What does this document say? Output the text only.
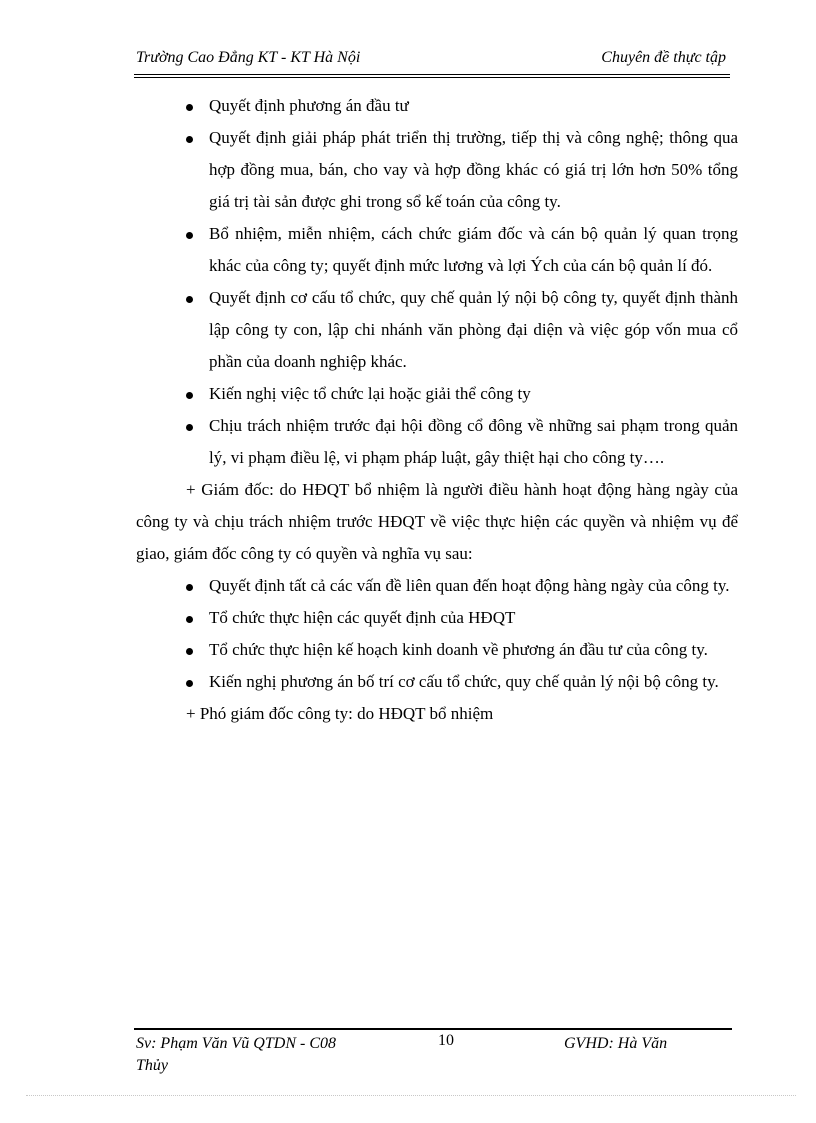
Trường Cao Đẳng KT - KT Hà Nội	Chuyên đề thực tập
Quyết định phương án đầu tư
Quyết định giải pháp phát triển thị trường, tiếp thị và công nghệ; thông qua hợp đồng mua, bán, cho vay và hợp đồng khác có giá trị lớn hơn 50% tổng giá trị tài sản được ghi trong sổ kế toán của công ty.
Bổ nhiệm, miễn nhiệm, cách chức giám đốc và cán bộ quản lý quan trọng khác của công ty; quyết định mức lương và lợi Ých của cán bộ quản lí đó.
Quyết định cơ cấu tổ chức, quy chế quản lý nội bộ công ty, quyết định thành lập công ty con, lập chi nhánh văn phòng đại diện và việc góp vốn mua cổ phần của doanh nghiệp khác.
Kiến nghị việc tổ chức lại hoặc giải thể công ty
Chịu trách nhiệm trước đại hội đồng cổ đông về những sai phạm trong quản lý, vi phạm điều lệ, vi phạm pháp luật, gây thiệt hại cho công ty….

+ Giám đốc: do HĐQT bổ nhiệm là người điều hành hoạt động hàng ngày của công ty và chịu trách nhiệm trước HĐQT về việc thực hiện các quyền và nhiệm vụ để giao, giám đốc công ty có quyền và nghĩa vụ sau:

Quyết định tất cả các vấn đề liên quan đến hoạt động hàng ngày của công ty.
Tổ chức thực hiện các quyết định của HĐQT
Tổ chức thực hiện kế hoạch kinh doanh về phương án đầu tư của công ty.
Kiến nghị phương án bố trí cơ cấu tổ chức, quy chế quản lý nội bộ công ty.

+ Phó giám đốc công ty: do HĐQT bổ nhiệm

Sv: Phạm Văn Vũ QTDN - C08	10	GVHD: Hà Văn
Thủy
